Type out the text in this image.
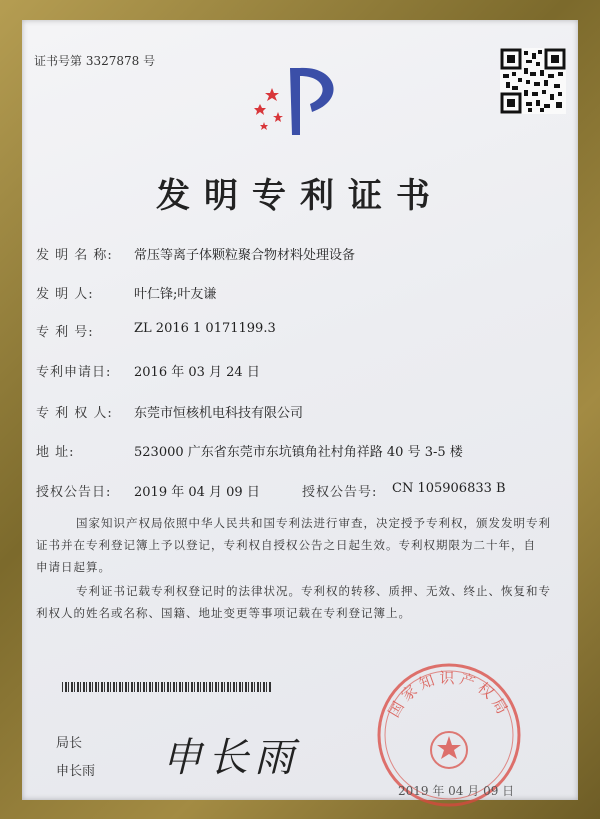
证书号第 3327878 号
发明专利证书
发 明 名 称: 常压等离子体颗粒聚合物材料处理设备
发 明 人:	叶仁锋;叶友谦
专 利 号:	ZL 2016 1 0171199.3
专利申请日: 2016 年 03 月 24 日
专 利 权 人: 东莞市恒核机电科技有限公司
地 址:	523000 广东省东莞市东坑镇角社村角祥路 40 号 3-5 楼
授权公告日: 2019 年 04 月 09 日	授权公告号: CN 105906833 B
国家知识产权局依照中华人民共和国专利法进行审查，决定授予专利权，颁发发明专利
证书并在专利登记簿上予以登记，专利权自授权公告之日起生效。专利权期限为二十年，自
申请日起算。
专利证书记载专利权登记时的法律状况。专利权的转移、质押、无效、终止、恢复和专
利权人的姓名或名称、国籍、地址变更等事项记载在专利登记簿上。
局长
申长雨 申长雨
国家知识产权局
2019 年 04 月 09 日
